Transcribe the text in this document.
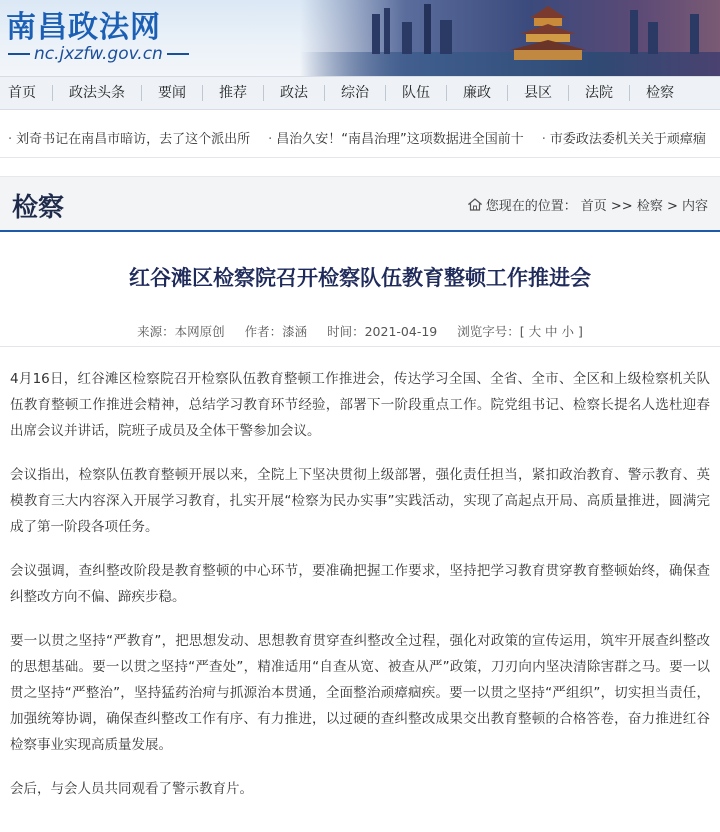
南昌政法网
nc.jxzfw.gov.cn
首页	政法头条	要闻	推荐	政法	综治	队伍	廉政	县区	法院	检察
· 刘奇书记在南昌市暗访，去了这个派出所	· 昌治久安！“南昌治理”这项数据进全国前十	· 市委政法委机关关于顽瘴痼
检察	您现在的位置： 首页 >> 检察 > 内容
红谷滩区检察院召开检察队伍教育整顿工作推进会
来源：本网原创 作者：漆涵 时间：2021-04-19 浏览字号：[ 大 中 小 ]

4月16日，红谷滩区检察院召开检察队伍教育整顿工作推进会，传达学习全国、全省、全市、全区和上级检察机关队伍教育整顿工作推进会精神，总结学习教育环节经验，部署下一阶段重点工作。院党组书记、检察长提名人选杜迎春出席会议并讲话，院班子成员及全体干警参加会议。

会议指出，检察队伍教育整顿开展以来，全院上下坚决贯彻上级部署，强化责任担当，紧扣政治教育、警示教育、英模教育三大内容深入开展学习教育，扎实开展“检察为民办实事”实践活动，实现了高起点开局、高质量推进，圆满完成了第一阶段各项任务。

会议强调，查纠整改阶段是教育整顿的中心环节，要准确把握工作要求，坚持把学习教育贯穿教育整顿始终，确保查纠整改方向不偏、蹄疾步稳。

要一以贯之坚持“严教育”，把思想发动、思想教育贯穿查纠整改全过程，强化对政策的宣传运用，筑牢开展查纠整改的思想基础。要一以贯之坚持“严查处”，精准适用“自查从宽、被查从严”政策，刀刃向内坚决清除害群之马。要一以贯之坚持“严整治”，坚持猛药治疴与抓源治本贯通，全面整治顽瘴痼疾。要一以贯之坚持“严组织”，切实担当责任，加强统筹协调，确保查纠整改工作有序、有力推进，以过硬的查纠整改成果交出教育整顿的合格答卷，奋力推进红谷检察事业实现高质量发展。

会后，与会人员共同观看了警示教育片。
